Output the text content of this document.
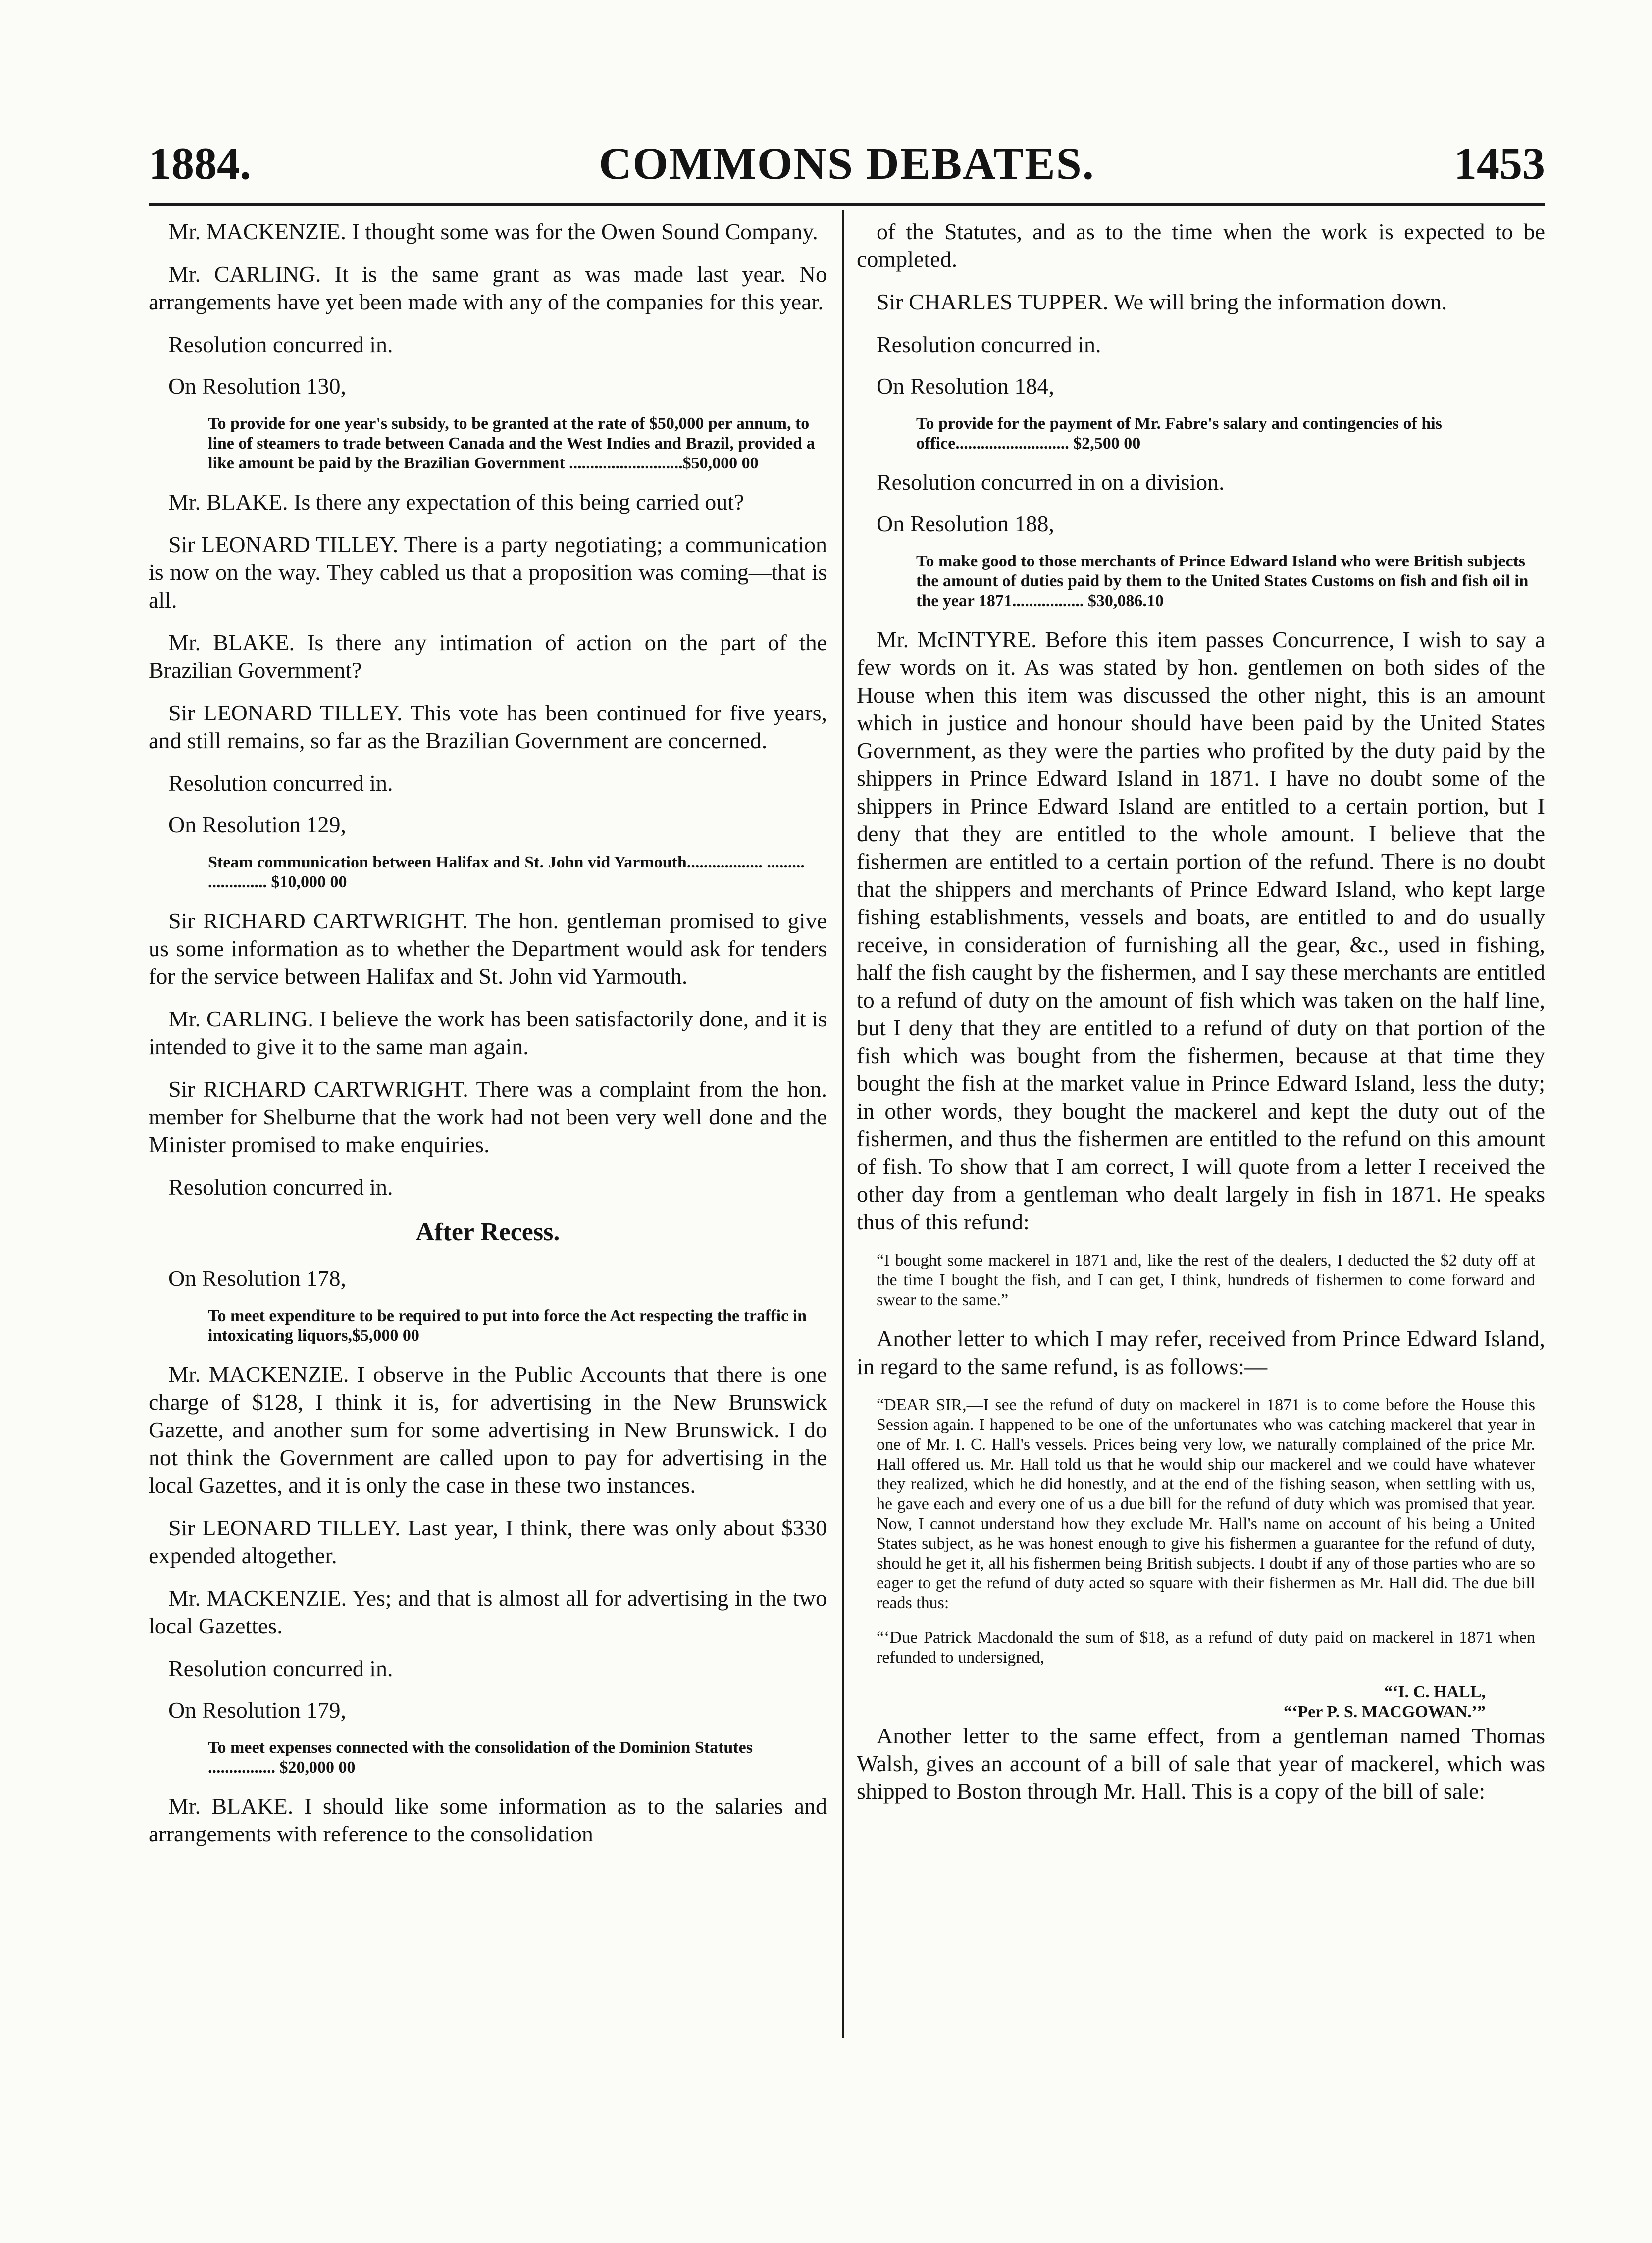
1884.	COMMONS DEBATES.	1453

Mr. MACKENZIE. I thought some was for the Owen Sound Company.

Mr. CARLING. It is the same grant as was made last year. No arrangements have yet been made with any of the companies for this year.

Resolution concurred in.
On Resolution 130,
To provide for one year's subsidy, to be granted at the rate of $50,000 per annum, to line of steamers to trade between Canada and the West Indies and Brazil, provided a like amount be paid by the Brazilian Government ...........................$50,000 00

Mr. BLAKE. Is there any expectation of this being carried out?

Sir LEONARD TILLEY. There is a party negotiating; a communication is now on the way. They cabled us that a proposition was coming—that is all.

Mr. BLAKE. Is there any intimation of action on the part of the Brazilian Government?

Sir LEONARD TILLEY. This vote has been continued for five years, and still remains, so far as the Brazilian Government are concerned.

Resolution concurred in.
On Resolution 129,
Steam communication between Halifax and St. John vid Yarmouth.................. ......... .............. $10,000 00

Sir RICHARD CARTWRIGHT. The hon. gentleman promised to give us some information as to whether the Department would ask for tenders for the service between Halifax and St. John vid Yarmouth.

Mr. CARLING. I believe the work has been satisfactorily done, and it is intended to give it to the same man again.

Sir RICHARD CARTWRIGHT. There was a complaint from the hon. member for Shelburne that the work had not been very well done and the Minister promised to make enquiries.

Resolution concurred in.
After Recess.
On Resolution 178,
To meet expenditure to be required to put into force the Act respecting the traffic in intoxicating liquors,$5,000 00

Mr. MACKENZIE. I observe in the Public Accounts that there is one charge of $128, I think it is, for advertising in the New Brunswick Gazette, and another sum for some advertising in New Brunswick. I do not think the Government are called upon to pay for advertising in the local Gazettes, and it is only the case in these two instances.

Sir LEONARD TILLEY. Last year, I think, there was only about $330 expended altogether.

Mr. MACKENZIE. Yes; and that is almost all for advertising in the two local Gazettes.

Resolution concurred in.
On Resolution 179,
To meet expenses connected with the consolidation of the Dominion Statutes ................ $20,000 00

Mr. BLAKE. I should like some information as to the salaries and arrangements with reference to the consolidation

of the Statutes, and as to the time when the work is expected to be completed.

Sir CHARLES TUPPER. We will bring the information down.

Resolution concurred in.
On Resolution 184,
To provide for the payment of Mr. Fabre's salary and contingencies of his office........................... $2,500 00
Resolution concurred in on a division.
On Resolution 188,
To make good to those merchants of Prince Edward Island who were British subjects the amount of duties paid by them to the United States Customs on fish and fish oil in the year 1871................. $30,086.10

Mr. McINTYRE. Before this item passes Concurrence, I wish to say a few words on it. As was stated by hon. gentlemen on both sides of the House when this item was discussed the other night, this is an amount which in justice and honour should have been paid by the United States Government, as they were the parties who profited by the duty paid by the shippers in Prince Edward Island in 1871. I have no doubt some of the shippers in Prince Edward Island are entitled to a certain portion, but I deny that they are entitled to the whole amount. I believe that the fishermen are entitled to a certain portion of the refund. There is no doubt that the shippers and merchants of Prince Edward Island, who kept large fishing establishments, vessels and boats, are entitled to and do usually receive, in consideration of furnishing all the gear, &c., used in fishing, half the fish caught by the fishermen, and I say these merchants are entitled to a refund of duty on the amount of fish which was taken on the half line, but I deny that they are entitled to a refund of duty on that portion of the fish which was bought from the fishermen, because at that time they bought the fish at the market value in Prince Edward Island, less the duty; in other words, they bought the mackerel and kept the duty out of the fishermen, and thus the fishermen are entitled to the refund on this amount of fish. To show that I am correct, I will quote from a letter I received the other day from a gentleman who dealt largely in fish in 1871. He speaks thus of this refund:

“I bought some mackerel in 1871 and, like the rest of the dealers, I deducted the $2 duty off at the time I bought the fish, and I can get, I think, hundreds of fishermen to come forward and swear to the same.”

Another letter to which I may refer, received from Prince Edward Island, in regard to the same refund, is as follows:—

“DEAR SIR,—I see the refund of duty on mackerel in 1871 is to come before the House this Session again. I happened to be one of the unfortunates who was catching mackerel that year in one of Mr. I. C. Hall's vessels. Prices being very low, we naturally complained of the price Mr. Hall offered us. Mr. Hall told us that he would ship our mackerel and we could have whatever they realized, which he did honestly, and at the end of the fishing season, when settling with us, he gave each and every one of us a due bill for the refund of duty which was promised that year. Now, I cannot understand how they exclude Mr. Hall's name on account of his being a United States subject, as he was honest enough to give his fishermen a guarantee for the refund of duty, should he get it, all his fishermen being British subjects. I doubt if any of those parties who are so eager to get the refund of duty acted so square with their fishermen as Mr. Hall did. The due bill reads thus:
“‘Due Patrick Macdonald the sum of $18, as a refund of duty paid on mackerel in 1871 when refunded to undersigned,
“‘I. C. HALL,
“‘Per P. S. MACGOWAN.’”

Another letter to the same effect, from a gentleman named Thomas Walsh, gives an account of a bill of sale that year of mackerel, which was shipped to Boston through Mr. Hall. This is a copy of the bill of sale:
